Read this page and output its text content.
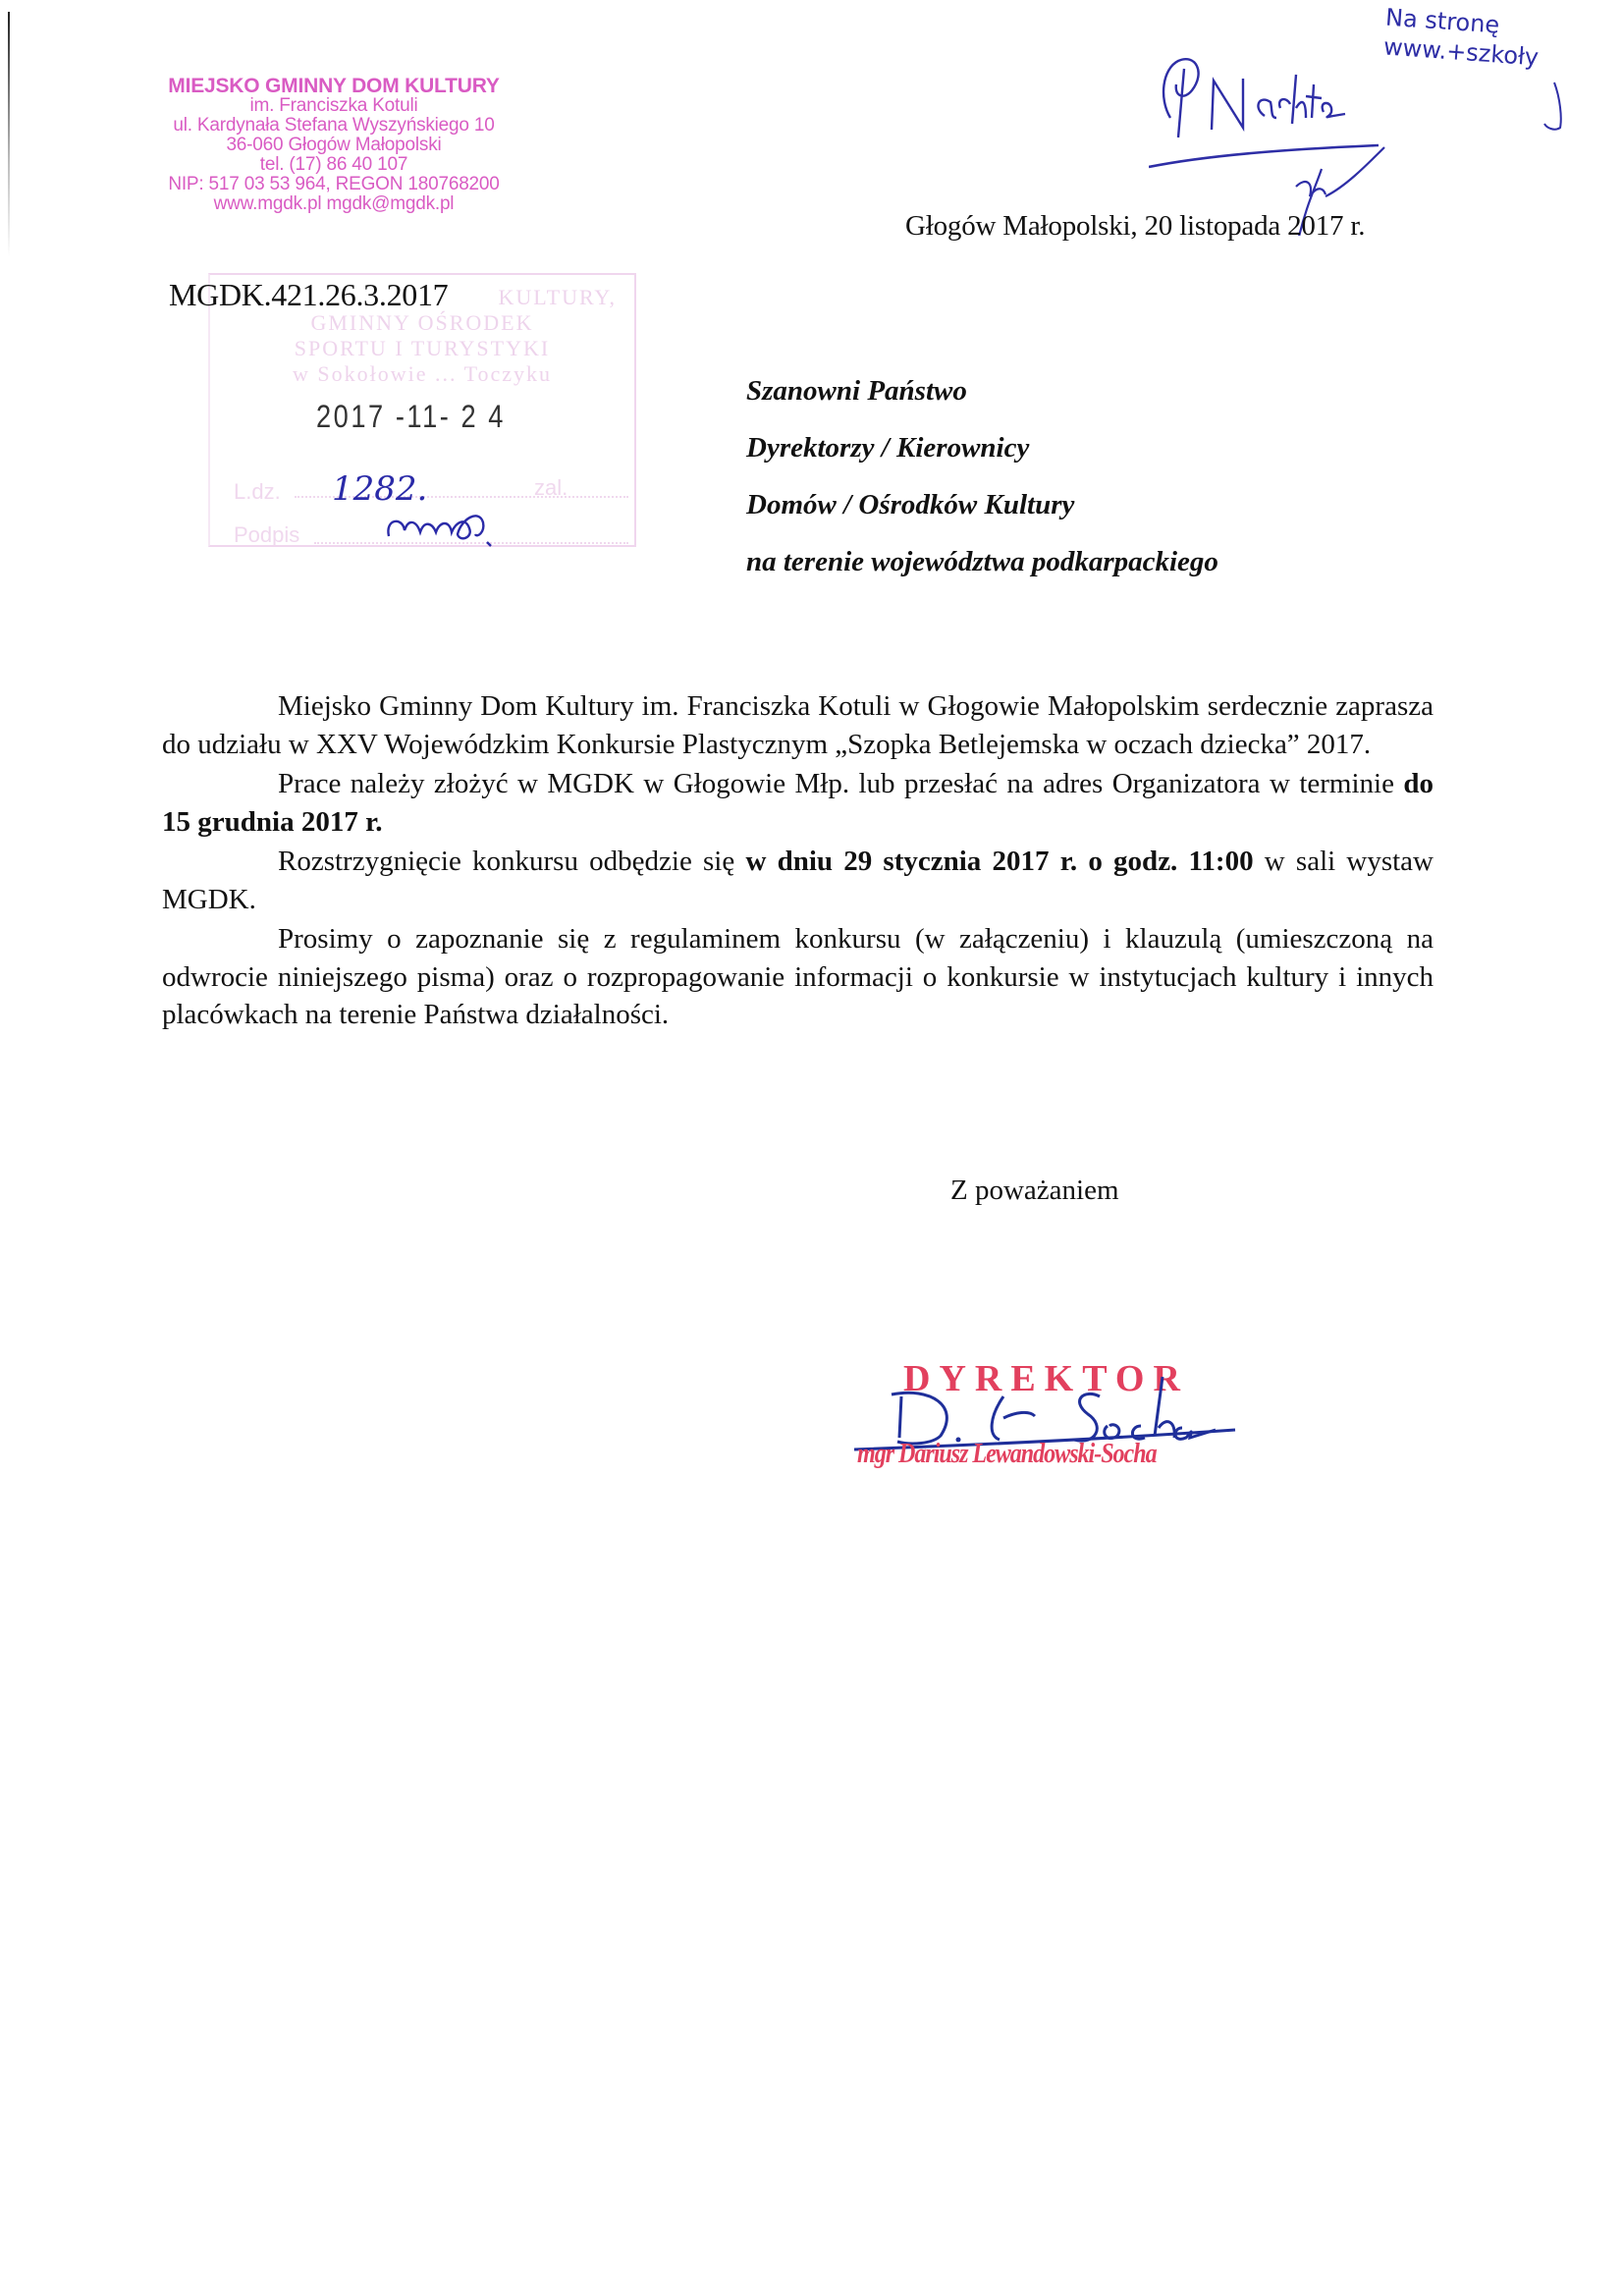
MIEJSKO GMINNY DOM KULTURY
im. Franciszka Kotuli
ul. Kardynała Stefana Wyszyńskiego 10
36-060 Głogów Małopolski
tel. (17) 86 40 107
NIP: 517 03 53 964, REGON 180768200
www.mgdk.pl mgdk@mgdk.pl
KULTURY,
GMINNY OŚRODEK
SPORTU I TURYSTYKI
w Sokołowie ... Toczyku
MGDK.421.26.3.2017
2017 -11- 2 4
L.dz.	zal.
Podpis
1282.
Na stronę
www.+szkoły
Głogów Małopolski, 20 listopada 2017 r.
Szanowni Państwo
Dyrektorzy / Kierownicy
Domów / Ośrodków Kultury
na terenie województwa podkarpackiego

Miejsko Gminny Dom Kultury im. Franciszka Kotuli w Głogowie Małopolskim serdecznie zaprasza do udziału w XXV Wojewódzkim Konkursie Plastycznym „Szopka Betlejemska w oczach dziecka” 2017.

Prace należy złożyć w MGDK w Głogowie Młp. lub przesłać na adres Organizatora w terminie do 15 grudnia 2017 r.

Rozstrzygnięcie konkursu odbędzie się w dniu 29 stycznia 2017 r. o godz. 11:00 w sali wystaw MGDK.

Prosimy o zapoznanie się z regulaminem konkursu (w załączeniu) i klauzulą (umieszczoną na odwrocie niniejszego pisma) oraz o rozpropagowanie informacji o konkursie w instytucjach kultury i innych placówkach na terenie Państwa działalności.

Z poważaniem
DYREKTOR
mgr Dariusz Lewandowski-Socha
